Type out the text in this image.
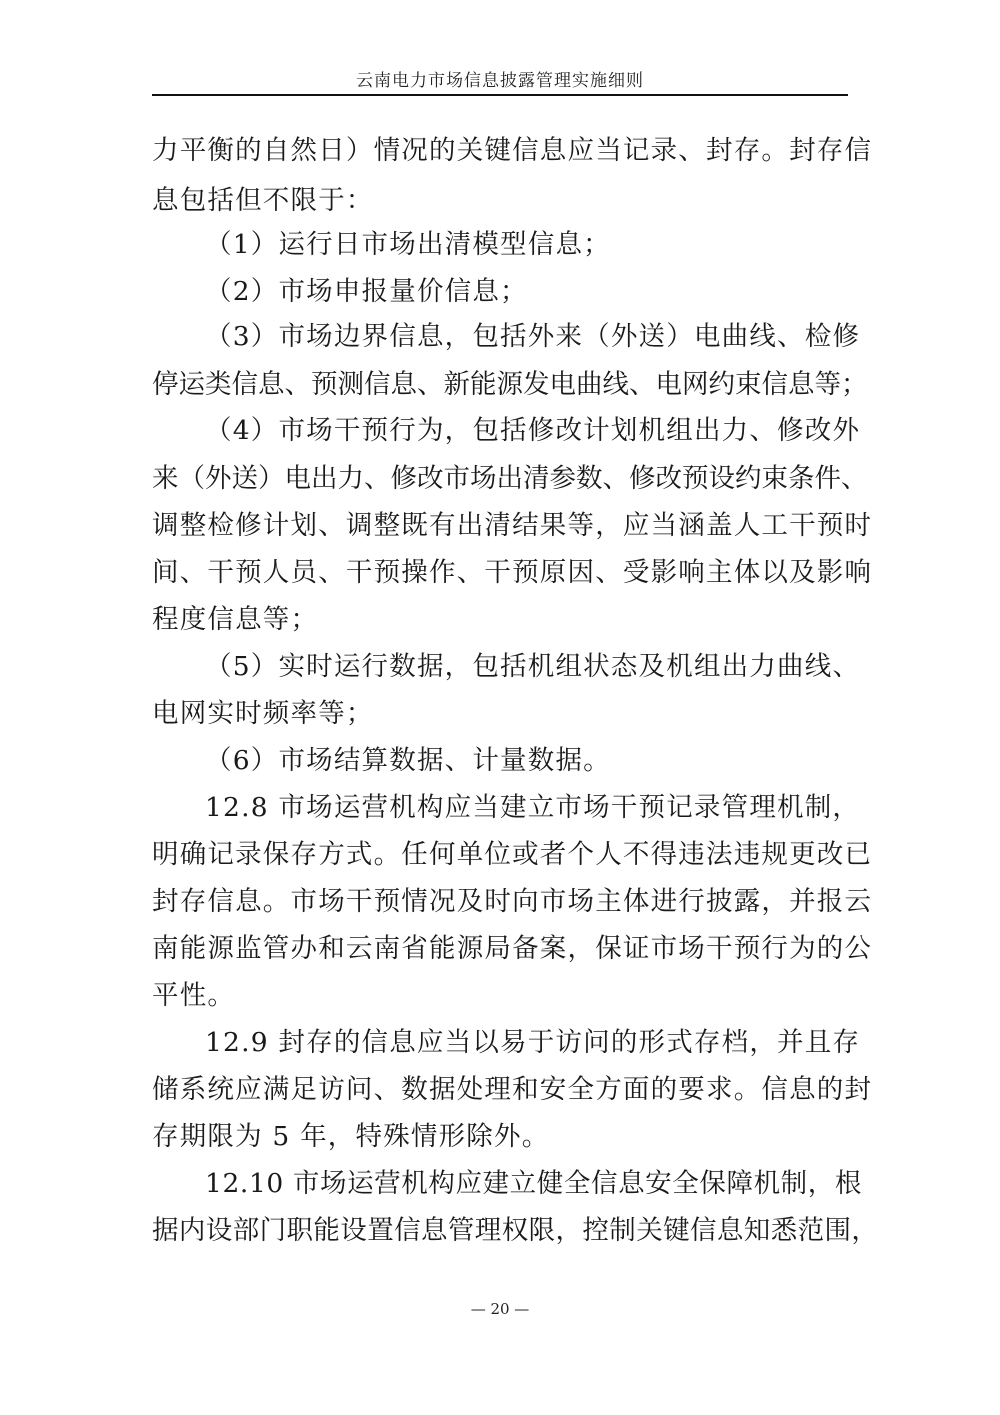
云南电力市场信息披露管理实施细则
力平衡的自然日）情况的关键信息应当记录、封存。封存信
息包括但不限于：
（1）运行日市场出清模型信息；
（2）市场申报量价信息；
（3）市场边界信息，包括外来（外送）电曲线、检修
停运类信息、预测信息、新能源发电曲线、电网约束信息等；
（4）市场干预行为，包括修改计划机组出力、修改外
来（外送）电出力、修改市场出清参数、修改预设约束条件、
调整检修计划、调整既有出清结果等，应当涵盖人工干预时
间、干预人员、干预操作、干预原因、受影响主体以及影响
程度信息等；
（5）实时运行数据，包括机组状态及机组出力曲线、
电网实时频率等；
（6）市场结算数据、计量数据。
12.8 市场运营机构应当建立市场干预记录管理机制，
明确记录保存方式。任何单位或者个人不得违法违规更改已
封存信息。市场干预情况及时向市场主体进行披露，并报云
南能源监管办和云南省能源局备案，保证市场干预行为的公
平性。
12.9 封存的信息应当以易于访问的形式存档，并且存
储系统应满足访问、数据处理和安全方面的要求。信息的封
存期限为 5 年，特殊情形除外。
12.10 市场运营机构应建立健全信息安全保障机制，根
据内设部门职能设置信息管理权限，控制关键信息知悉范围，
— 20 —
